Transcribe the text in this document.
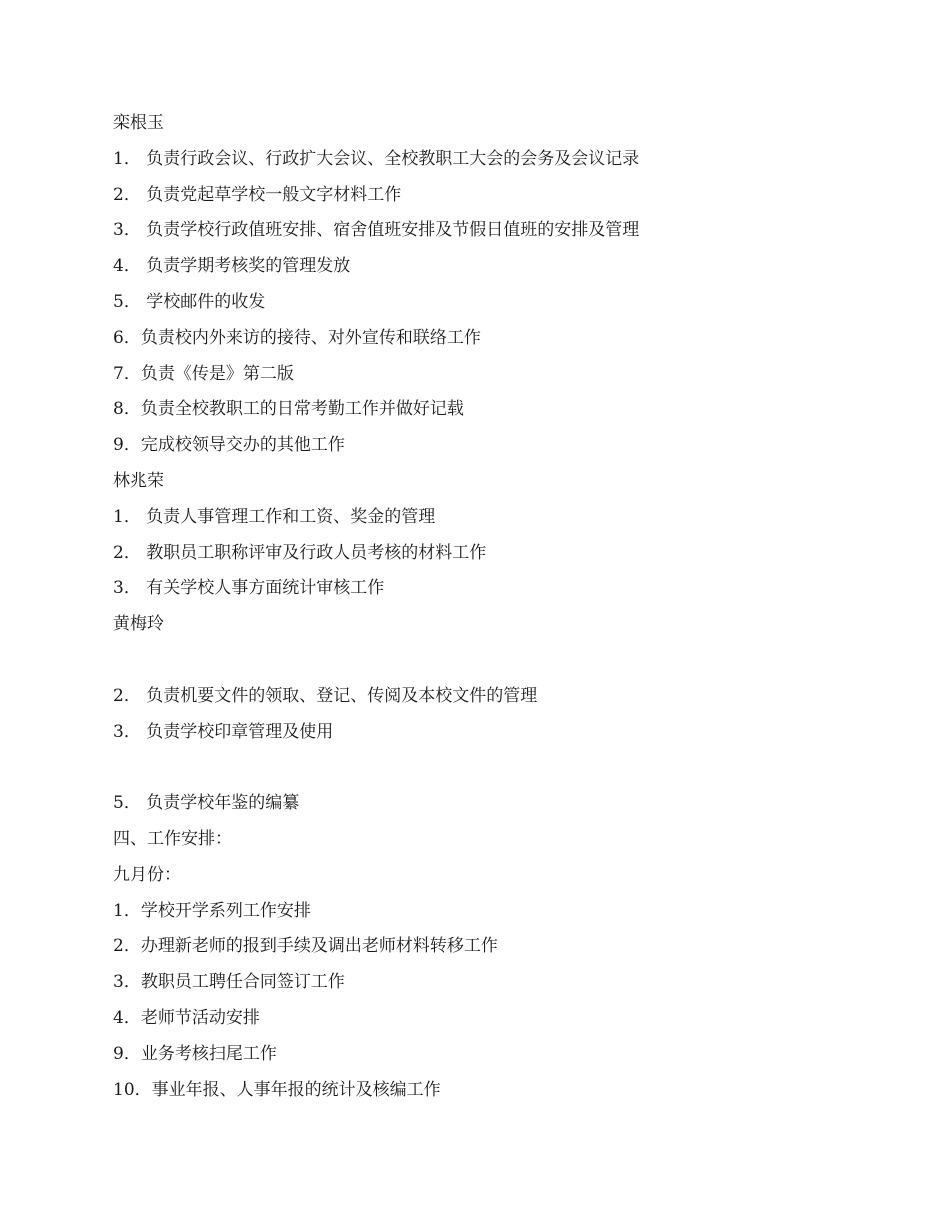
栾根玉
1． 负责行政会议、行政扩大会议、全校教职工大会的会务及会议记录
2． 负责党起草学校一般文字材料工作
3． 负责学校行政值班安排、宿舍值班安排及节假日值班的安排及管理
4． 负责学期考核奖的管理发放
5． 学校邮件的收发
6．负责校内外来访的接待、对外宣传和联络工作
7．负责《传是》第二版
8．负责全校教职工的日常考勤工作并做好记载
9．完成校领导交办的其他工作
林兆荣
1． 负责人事管理工作和工资、奖金的管理
2． 教职员工职称评审及行政人员考核的材料工作
3． 有关学校人事方面统计审核工作
黄梅玲
2． 负责机要文件的领取、登记、传阅及本校文件的管理
3． 负责学校印章管理及使用
5． 负责学校年鉴的编纂
四、工作安排：
九月份：
1．学校开学系列工作安排
2．办理新老师的报到手续及调出老师材料转移工作
3．教职员工聘任合同签订工作
4．老师节活动安排
9．业务考核扫尾工作
10．事业年报、人事年报的统计及核编工作
